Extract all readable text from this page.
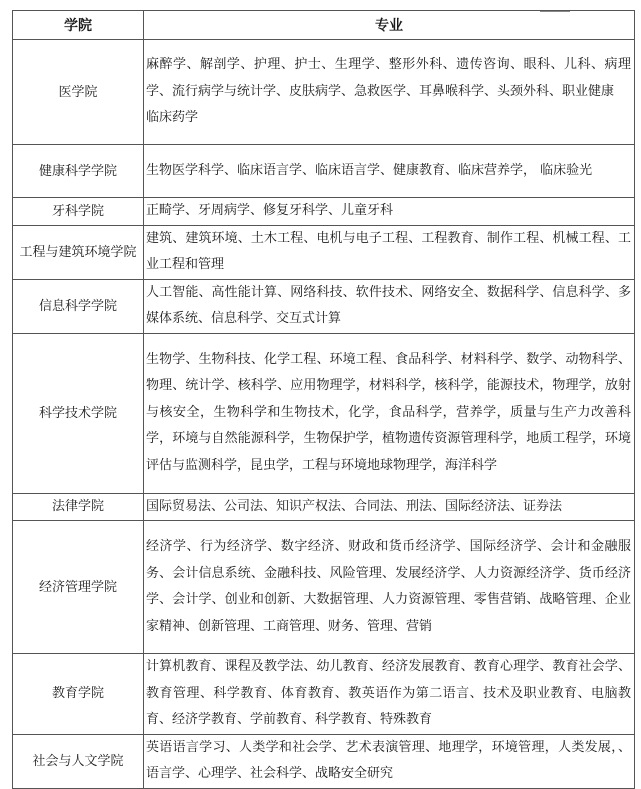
学院	专业
医学院	麻醉学、解剖学、护理、护士、生理学、整形外科、遗传咨询、眼科、儿科、病理学、流行病学与统计学、皮肤病学、急救医学、耳鼻喉科学、头颈外科、职业健康
临床药学

健康科学学院	生物医学科学、临床语言学、临床语言学、健康教育、临床营养学， 临床验光

牙科学院	正畸学、牙周病学、修复牙科学、儿童牙科

工程与建筑环境学院	建筑、建筑环境、土木工程、电机与电子工程、工程教育、制作工程、机械工程、工业工程和管理

信息科学学院	人工智能、高性能计算、网络科技、软件技术、网络安全、数据科学、信息科学、多媒体系统、信息科学、交互式计算

科学技术学院	生物学、生物科技、化学工程、环境工程、食品科学、材料科学、数学、动物科学、物理、统计学、核科学、应用物理学，材料科学，核科学，能源技术，物理学，放射与核安全，生物科学和生物技术，化学，食品科学，营养学，质量与生产力改善科学，环境与自然能源科学，生物保护学，植物遗传资源管理科学，地质工程学，环境评估与监测科学，昆虫学，工程与环境地球物理学，海洋科学

法律学院	国际贸易法、公司法、知识产权法、合同法、刑法、国际经济法、证券法

经济管理学院	经济学、行为经济学、数字经济、财政和货币经济学、国际经济学、会计和金融服务、会计信息系统、金融科技、风险管理、发展经济学、人力资源经济学、货币经济学、会计学、创业和创新、大数据管理、人力资源管理、零售营销、战略管理、企业家精神、创新管理、工商管理、财务、管理、营销

教育学院	计算机教育、课程及教学法、幼儿教育、经济发展教育、教育心理学、教育社会学、教育管理、科学教育、体育教育、教英语作为第二语言、技术及职业教育、电脑教育、经济学教育、学前教育、科学教育、特殊教育

社会与人文学院	英语语言学习、人类学和社会学、艺术表演管理、地理学，环境管理，人类发展，、语言学、心理学、社会科学、战略安全研究
